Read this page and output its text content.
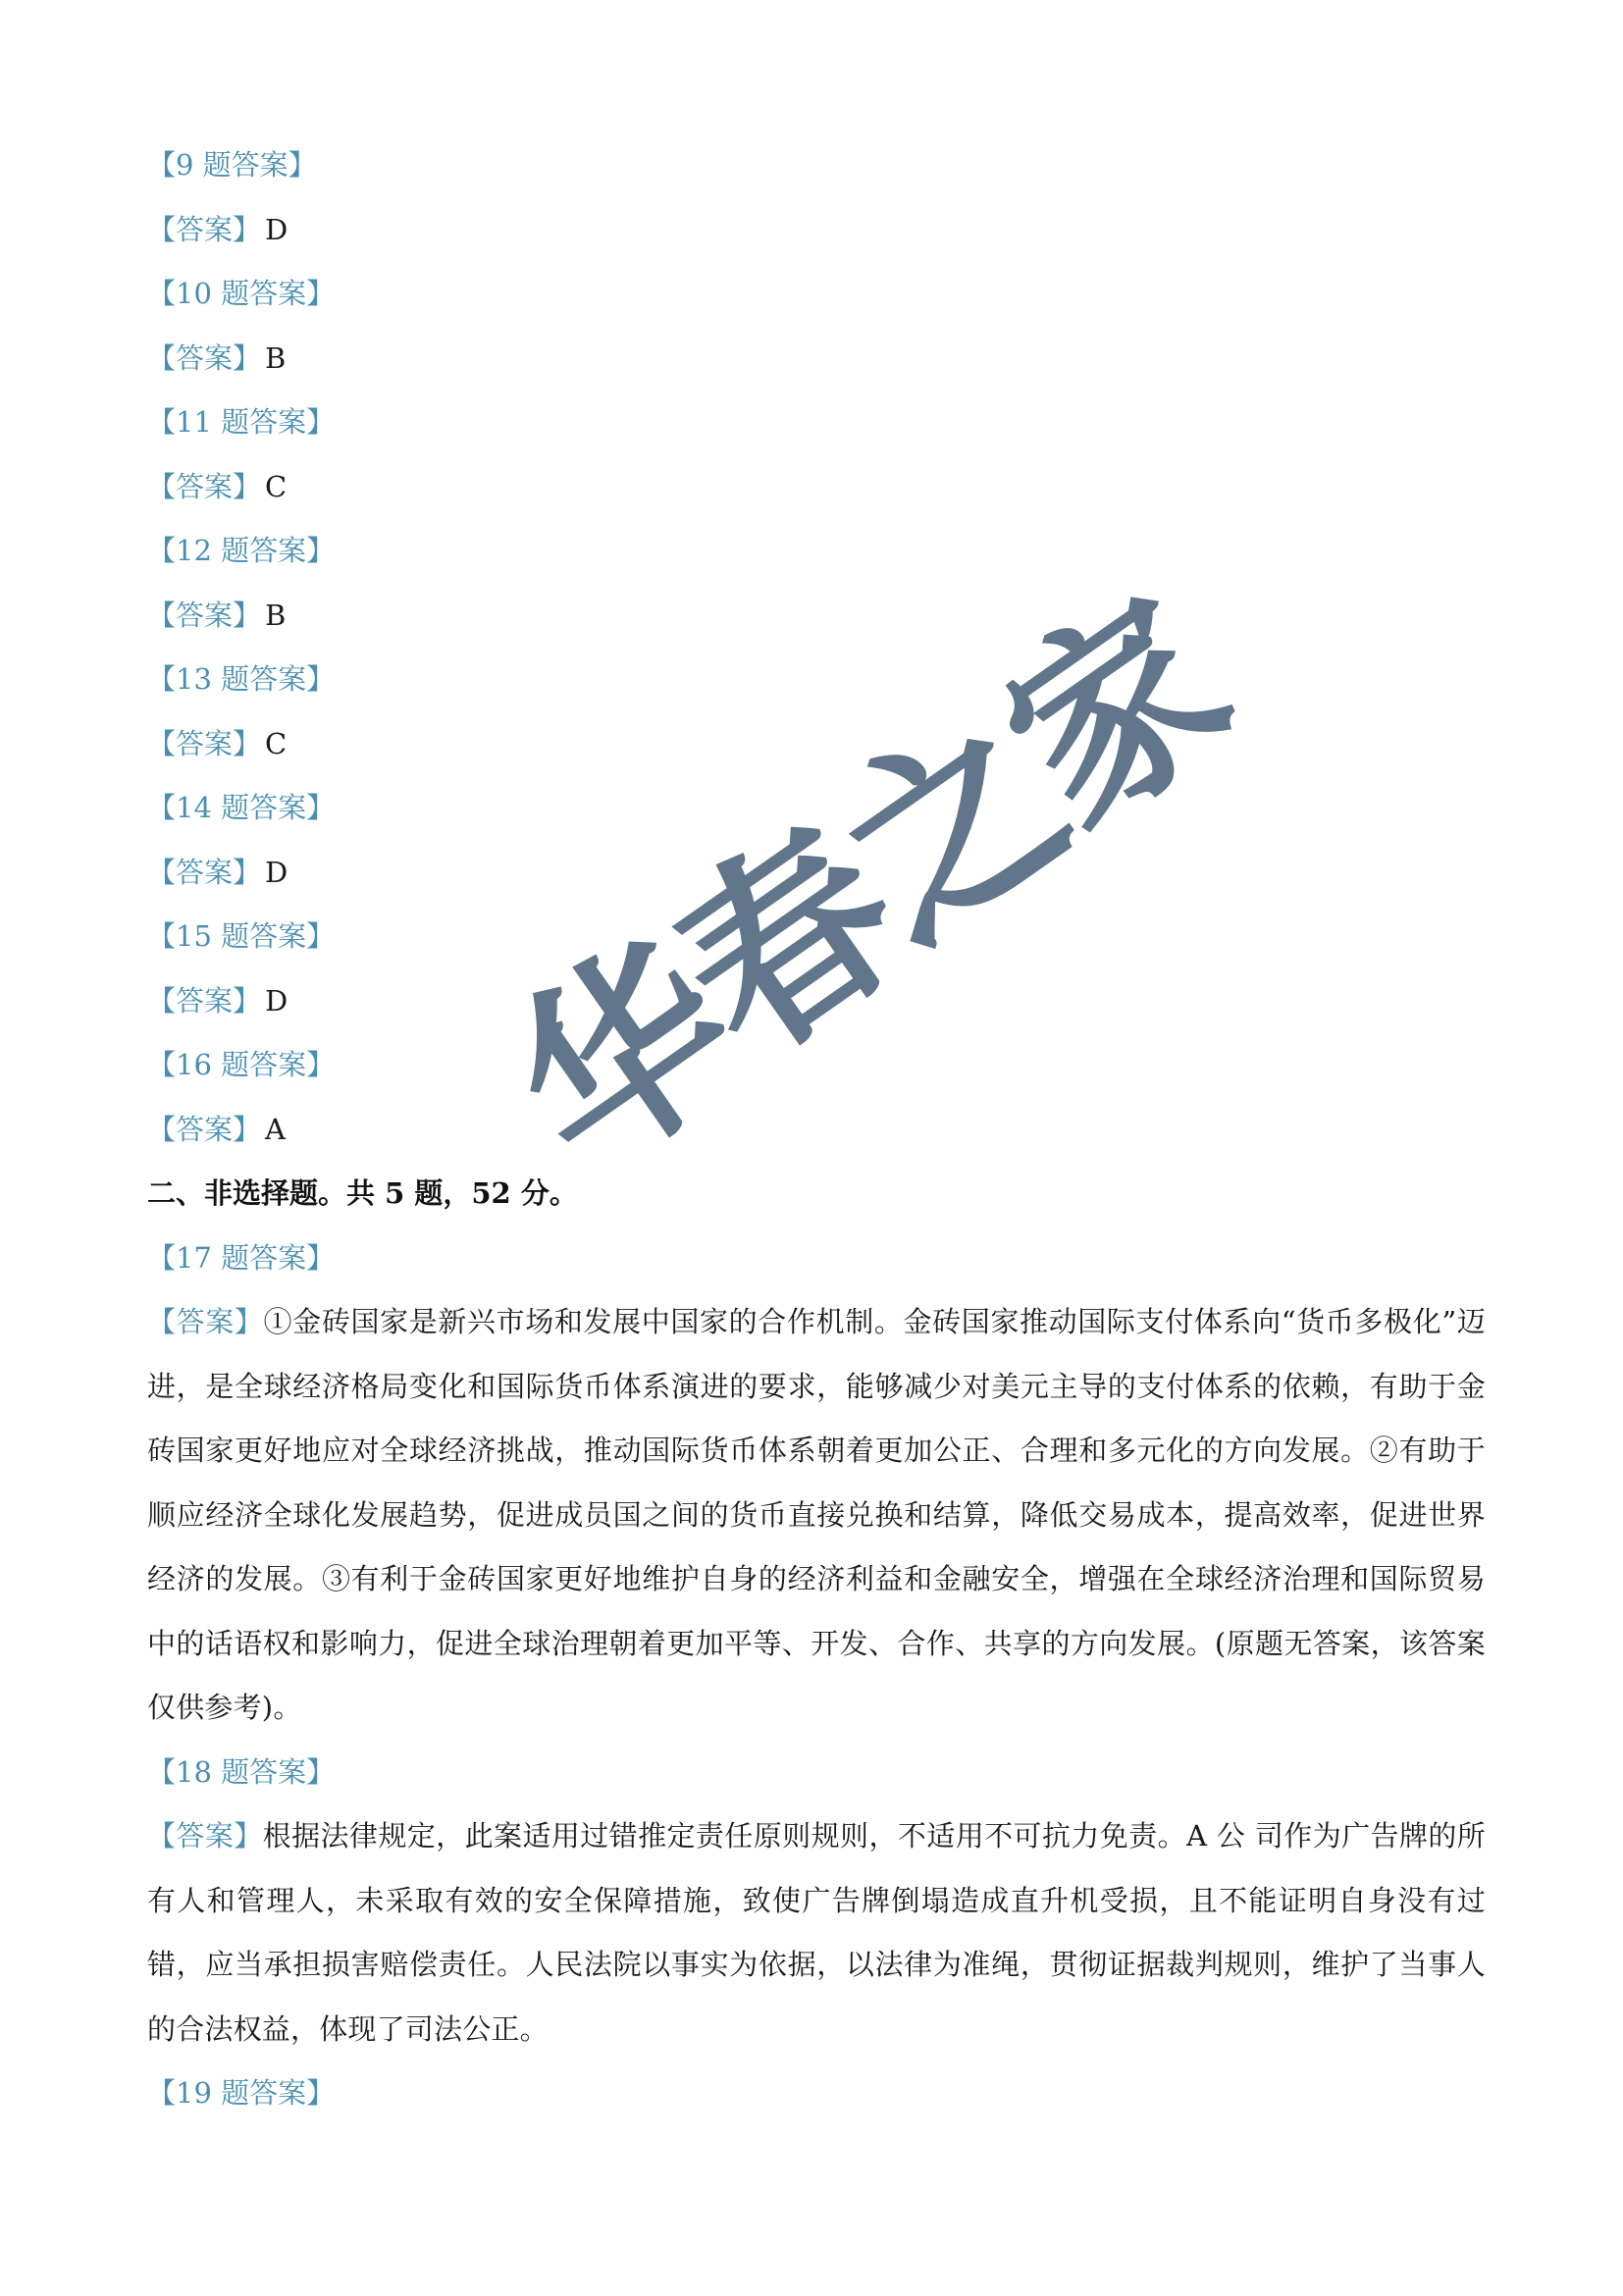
【9 题答案】
【答案】 D
【10 题答案】
【答案】 B
【11 题答案】
【答案】 C
【12 题答案】
【答案】 B
【13 题答案】
【答案】 C
【14 题答案】
【答案】 D
【15 题答案】
【答案】 D
【16 题答案】
【答案】 A
二、非选择题。共 5 题，52 分。
【17 题答案】
【答案】①金砖国家是新兴市场和发展中国家的合作机制。金砖国家推动国际支付体系向“货币多极化”迈进，是全球经济格局变化和国际货币体系演进的要求，能够减少对美元主导的支付体系的依赖，有助于金砖国家更好地应对全球经济挑战，推动国际货币体系朝着更加公正、合理和多元化的方向发展。②有助于顺应经济全球化发展趋势，促进成员国之间的货币直接兑换和结算，降低交易成本，提高效率，促进世界经济的发展。③有利于金砖国家更好地维护自身的经济利益和金融安全，增强在全球经济治理和国际贸易中的话语权和影响力，促进全球治理朝着更加平等、开发、合作、共享的方向发展。(原题无答案，该答案仅供参考)。
【18 题答案】
【答案】根据法律规定，此案适用过错推定责任原则规则，不适用不可抗力免责。A 公 司作为广告牌的所有人和管理人，未采取有效的安全保障措施，致使广告牌倒塌造成直升机受损，且不能证明自身没有过错，应当承担损害赔偿责任。人民法院以事实为依据，以法律为准绳，贯彻证据裁判规则，维护了当事人的合法权益，体现了司法公正。
【19 题答案】
华春之家
